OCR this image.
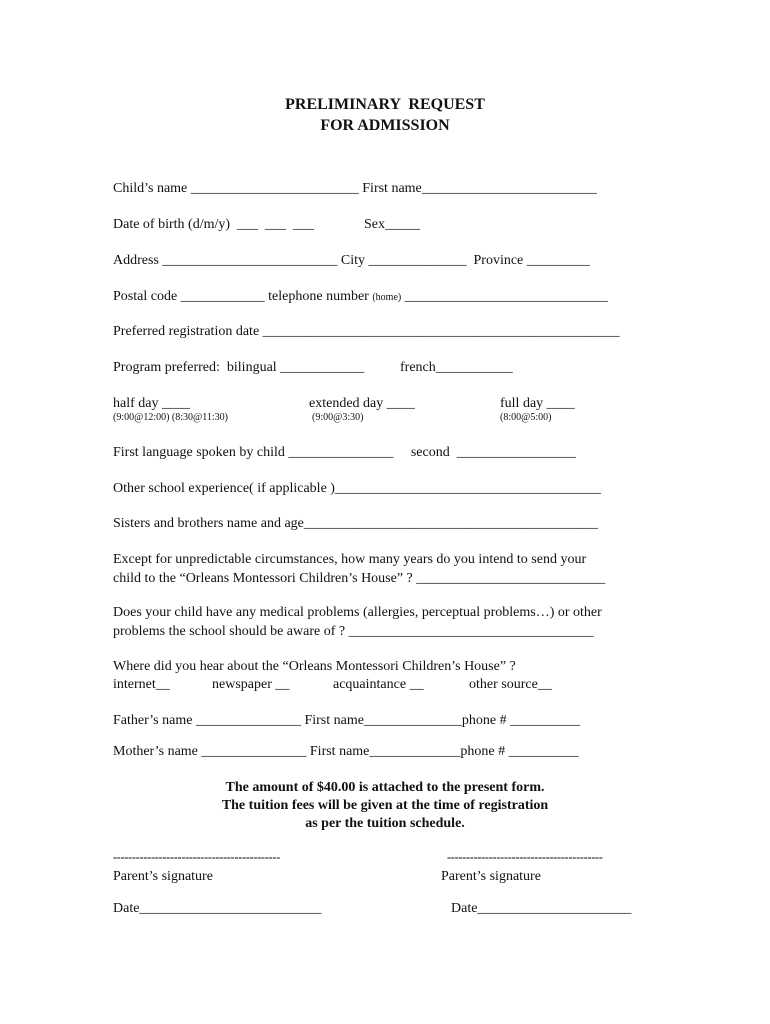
PRELIMINARY  REQUEST
FOR ADMISSION
Child’s name ________________________ First name_________________________
Date of birth (d/m/y)  ___  ___  ___	Sex_____
Address _________________________ City ______________  Province _________
Postal code ____________ telephone number (home) _____________________________
Preferred registration date ___________________________________________________
Program preferred:  bilingual ____________	french___________
half day ____	extended day ____	full day ____
(9:00@12:00) (8:30@11:30)	(9:00@3:30)	(8:00@5:00)
First language spoken by child _______________     second  _________________
Other school experience( if applicable )______________________________________
Sisters and brothers name and age__________________________________________
Except for unpredictable circumstances, how many years do you intend to send your
child to the “Orleans Montessori Children’s House” ? ___________________________
Does your child have any medical problems (allergies, perceptual problems…) or other
problems the school should be aware of ? ___________________________________
Where did you hear about the “Orleans Montessori Children’s House” ?
internet__	newspaper __	acquaintance __	other source__
Father’s name _______________ First name______________phone # __________
Mother’s name _______________ First name_____________phone # __________
The amount of $40.00 is attached to the present form.
The tuition fees will be given at the time of registration
as per the tuition schedule.
--------------------------------------------	-----------------------------------------
Parent’s signature	Parent’s signature
Date__________________________	Date______________________
